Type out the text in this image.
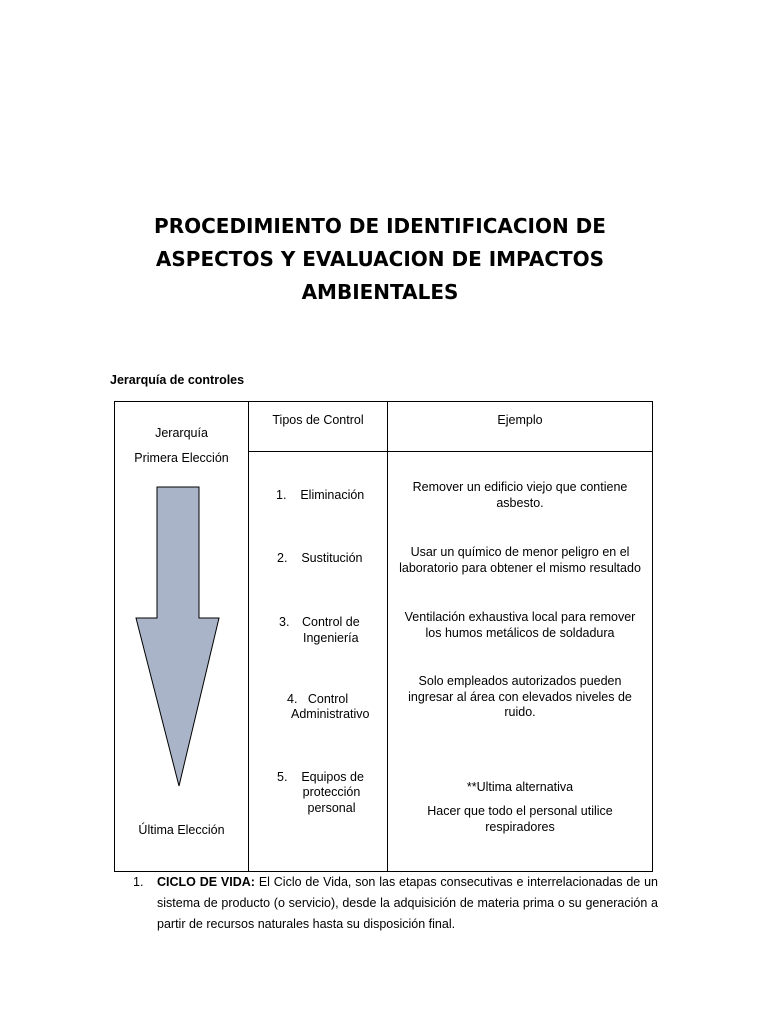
PROCEDIMIENTO DE IDENTIFICACION DE
ASPECTOS Y EVALUACION DE IMPACTOS
AMBIENTALES
Jerarquía de controles
Jerarquía
Tipos de Control	Ejemplo
Primera Elección
Última Elección
1. Eliminación
Remover un edificio viejo que contiene
asbesto.
2. Sustitución	Usar un químico de menor peligro en el
laboratorio para obtener el mismo resultado
3. Control de
Ingeniería
Ventilación exhaustiva local para remover
los humos metálicos de soldadura
4. Control
Administrativo
Solo empleados autorizados pueden
ingresar al área con elevados niveles de
ruido.
5. Equipos de
protección
personal
**Ultima alternativa
Hacer que todo el personal utilice
respiradores
1. CICLO DE VIDA: El Ciclo de Vida, son las etapas consecutivas e interrelacionadas de un sistema de producto (o servicio), desde la adquisición de materia prima o su generación a partir de recursos naturales hasta su disposición final.
